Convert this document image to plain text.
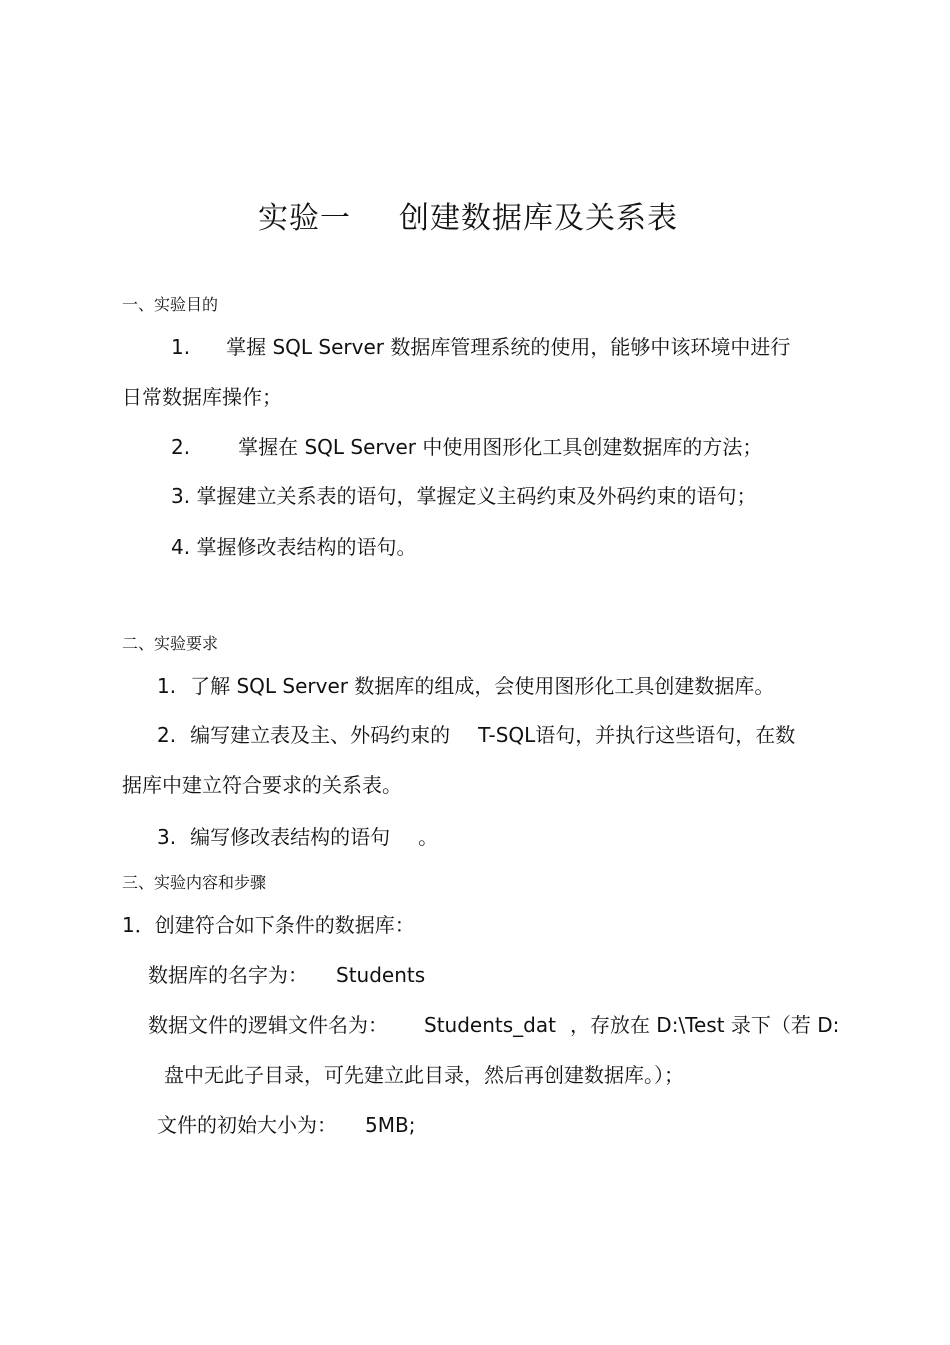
实验一 创建数据库及关系表
一、实验目的
1. 掌握 SQL Server 数据库管理系统的使用，能够中该环境中进行
日常数据库操作；
2. 掌握在 SQL Server 中使用图形化工具创建数据库的方法；
3. 掌握建立关系表的语句，掌握定义主码约束及外码约束的语句；
4. 掌握修改表结构的语句。
二、实验要求
1. 了解 SQL Server 数据库的组成，会使用图形化工具创建数据库。
2. 编写建立表及主、外码约束的 T-SQL语句，并执行这些语句，在数
据库中建立符合要求的关系表。
3. 编写修改表结构的语句 。
三、实验内容和步骤
1．创建符合如下条件的数据库：
数据库的名字为： Students
数据文件的逻辑文件名为： Students_dat ，存放在 D:\Test 录下（若 D:
盘中无此子目录，可先建立此目录，然后再创建数据库。）；
文件的初始大小为： 5MB;
